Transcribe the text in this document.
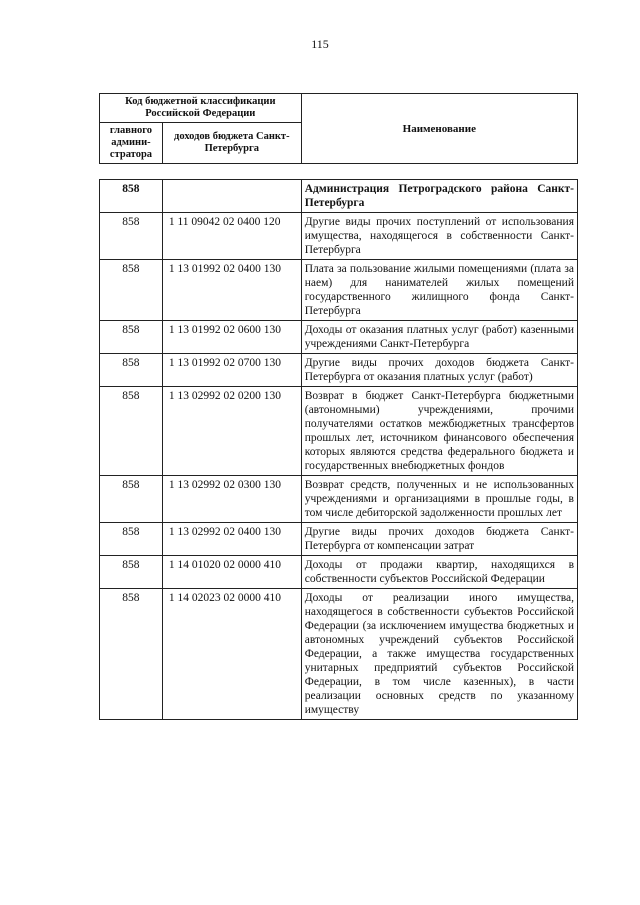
115
Код бюджетной классификации Российской Федерации		Наименование
главного админи-стратора	доходов бюджета Санкт-Петербурга	
858		Администрация Петроградского района Санкт-Петербурга
858	1 11 09042 02 0400 120	Другие виды прочих поступлений от использования имущества, находящегося в собственности Санкт-Петербурга
858	1 13 01992 02 0400 130	Плата за пользование жилыми помещениями (плата за наем) для нанимателей жилых помещений государственного жилищного фонда Санкт-Петербурга
858	1 13 01992 02 0600 130	Доходы от оказания платных услуг (работ) казенными учреждениями Санкт-Петербурга
858	1 13 01992 02 0700 130	Другие виды прочих доходов бюджета Санкт-Петербурга от оказания платных услуг (работ)
858	1 13 02992 02 0200 130	Возврат в бюджет Санкт-Петербурга бюджетными (автономными) учреждениями, прочими получателями остатков межбюджетных трансфертов прошлых лет, источником финансового обеспечения которых являются средства федерального бюджета и государственных внебюджетных фондов
858	1 13 02992 02 0300 130	Возврат средств, полученных и не использованных учреждениями и организациями в прошлые годы, в том числе дебиторской задолженности прошлых лет
858	1 13 02992 02 0400 130	Другие виды прочих доходов бюджета Санкт-Петербурга от компенсации затрат
858	1 14 01020 02 0000 410	Доходы от продажи квартир, находящихся в собственности субъектов Российской Федерации
858	1 14 02023 02 0000 410	Доходы от реализации иного имущества, находящегося в собственности субъектов Российской Федерации (за исключением имущества бюджетных и автономных учреждений субъектов Российской Федерации, а также имущества государственных унитарных предприятий субъектов Российской Федерации, в том числе казенных), в части реализации основных средств по указанному имуществу
